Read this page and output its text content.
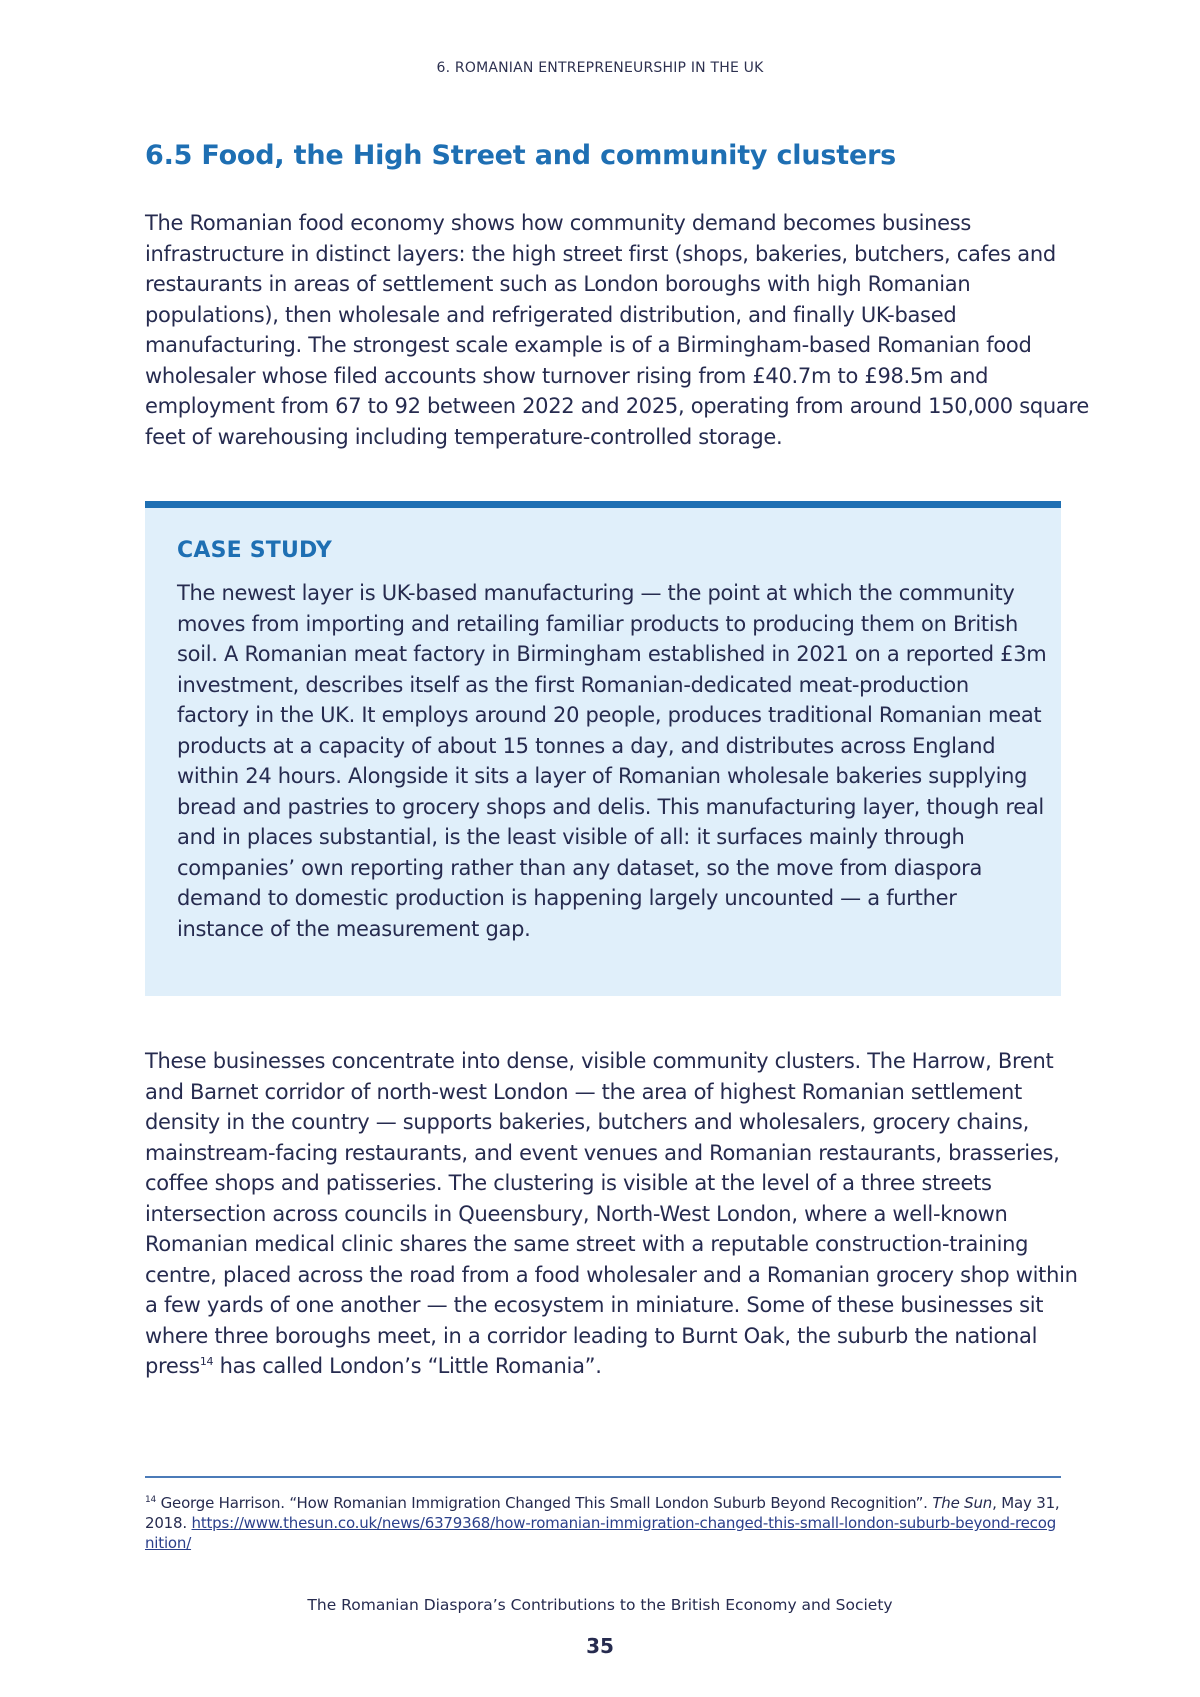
6. ROMANIAN ENTREPRENEURSHIP IN THE UK
6.5 Food, the High Street and community clusters

The Romanian food economy shows how community demand becomes business infrastructure in distinct layers: the high street first (shops, bakeries, butchers, cafes and restaurants in areas of settlement such as London boroughs with high Romanian populations), then wholesale and refrigerated distribution, and finally UK-based manufacturing. The strongest scale example is of a Birmingham-based Romanian food wholesaler whose filed accounts show turnover rising from £40.7m to £98.5m and employment from 67 to 92 between 2022 and 2025, operating from around 150,000 square feet of warehousing including temperature-controlled storage.

CASE STUDY

The newest layer is UK-based manufacturing — the point at which the community moves from importing and retailing familiar products to producing them on British soil. A Romanian meat factory in Birmingham established in 2021 on a reported £3m investment, describes itself as the first Romanian-dedicated meat-production factory in the UK. It employs around 20 people, produces traditional Romanian meat products at a capacity of about 15 tonnes a day, and distributes across England within 24 hours. Alongside it sits a layer of Romanian wholesale bakeries supplying bread and pastries to grocery shops and delis. This manufacturing layer, though real and in places substantial, is the least visible of all: it surfaces mainly through companies’ own reporting rather than any dataset, so the move from diaspora demand to domestic production is happening largely uncounted — a further instance of the measurement gap.

These businesses concentrate into dense, visible community clusters. The Harrow, Brent and Barnet corridor of north-west London — the area of highest Romanian settlement density in the country — supports bakeries, butchers and wholesalers, grocery chains, mainstream-facing restaurants, and event venues and Romanian restaurants, brasseries, coffee shops and patisseries. The clustering is visible at the level of a three streets intersection across councils in Queensbury, North-West London, where a well-known Romanian medical clinic shares the same street with a reputable construction-training centre, placed across the road from a food wholesaler and a Romanian grocery shop within a few yards of one another — the ecosystem in miniature. Some of these businesses sit where three boroughs meet, in a corridor leading to Burnt Oak, the suburb the national press$^{14}$ has called London’s “Little Romania”.

$^{14}$ George Harrison. “How Romanian Immigration Changed This Small London Suburb Beyond Recognition”. The Sun, May 31, 2018. https://www.thesun.co.uk/news/6379368/how-romanian-immigration-changed-this-small-london-suburb-beyond-recognition/
The Romanian Diaspora’s Contributions to the British Economy and Society
35
